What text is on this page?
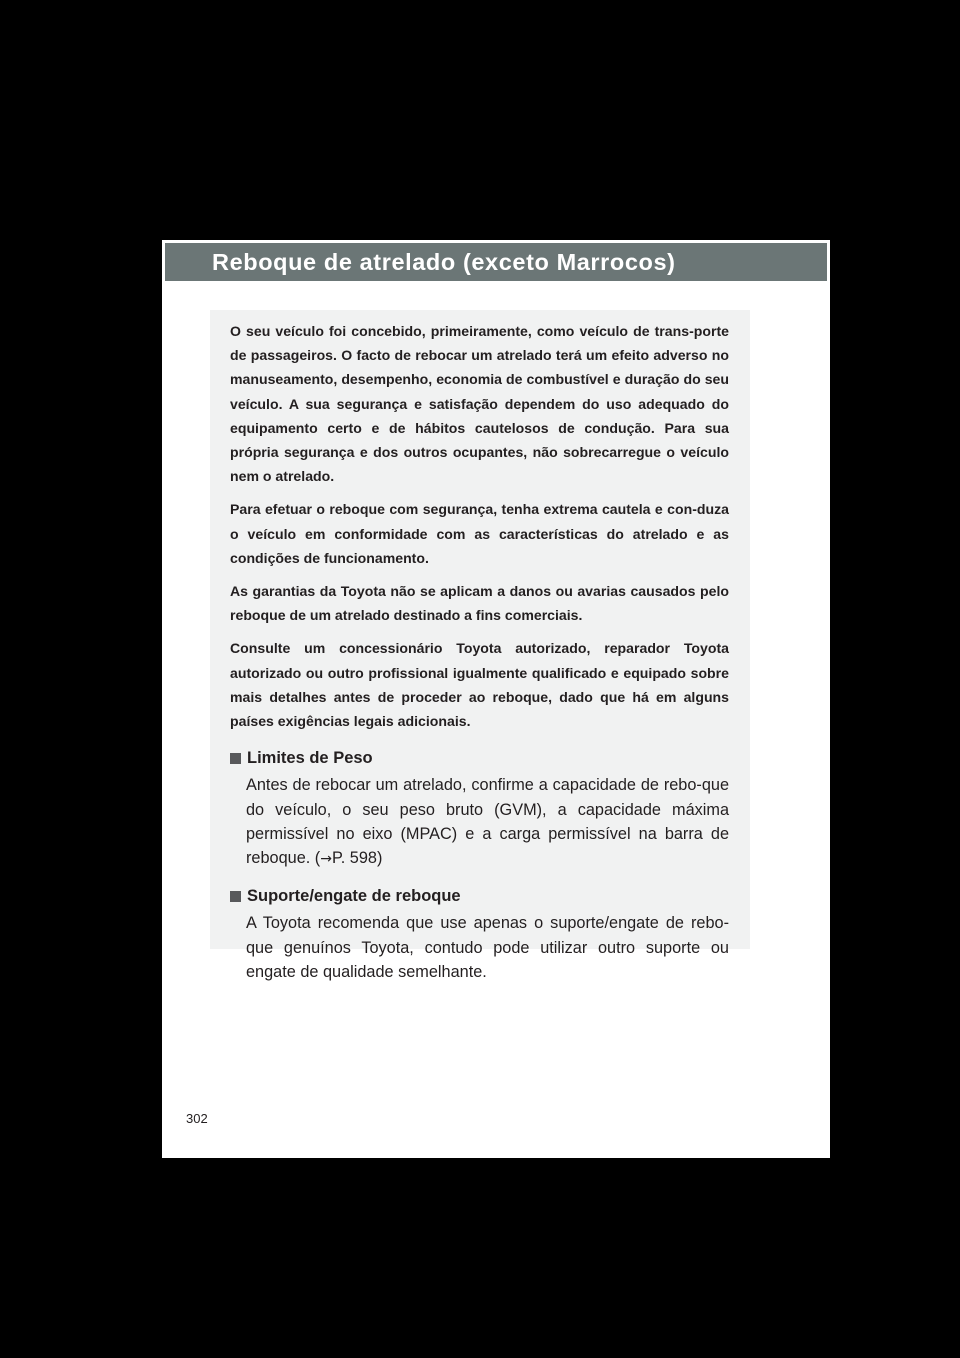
Reboque de atrelado (exceto Marrocos)

O seu veículo foi concebido, primeiramente, como veículo de trans-porte de passageiros. O facto de rebocar um atrelado terá um efeito adverso no manuseamento, desempenho, economia de combustível e duração do seu veículo. A sua segurança e satisfação dependem do uso adequado do equipamento certo e de hábitos cautelosos de condução. Para sua própria segurança e dos outros ocupantes, não sobrecarregue o veículo nem o atrelado.

Para efetuar o reboque com segurança, tenha extrema cautela e con-duza o veículo em conformidade com as características do atrelado e as condições de funcionamento.

As garantias da Toyota não se aplicam a danos ou avarias causados pelo reboque de um atrelado destinado a fins comerciais.

Consulte um concessionário Toyota autorizado, reparador Toyota autorizado ou outro profissional igualmente qualificado e equipado sobre mais detalhes antes de proceder ao reboque, dado que há em alguns países exigências legais adicionais.

Limites de Peso
Antes de rebocar um atrelado, confirme a capacidade de rebo-que do veículo, o seu peso bruto (GVM), a capacidade máxima permissível no eixo (MPAC) e a carga permissível na barra de reboque. (→P. 598)
Suporte/engate de reboque
A Toyota recomenda que use apenas o suporte/engate de rebo-que genuínos Toyota, contudo pode utilizar outro suporte ou engate de qualidade semelhante.
302
